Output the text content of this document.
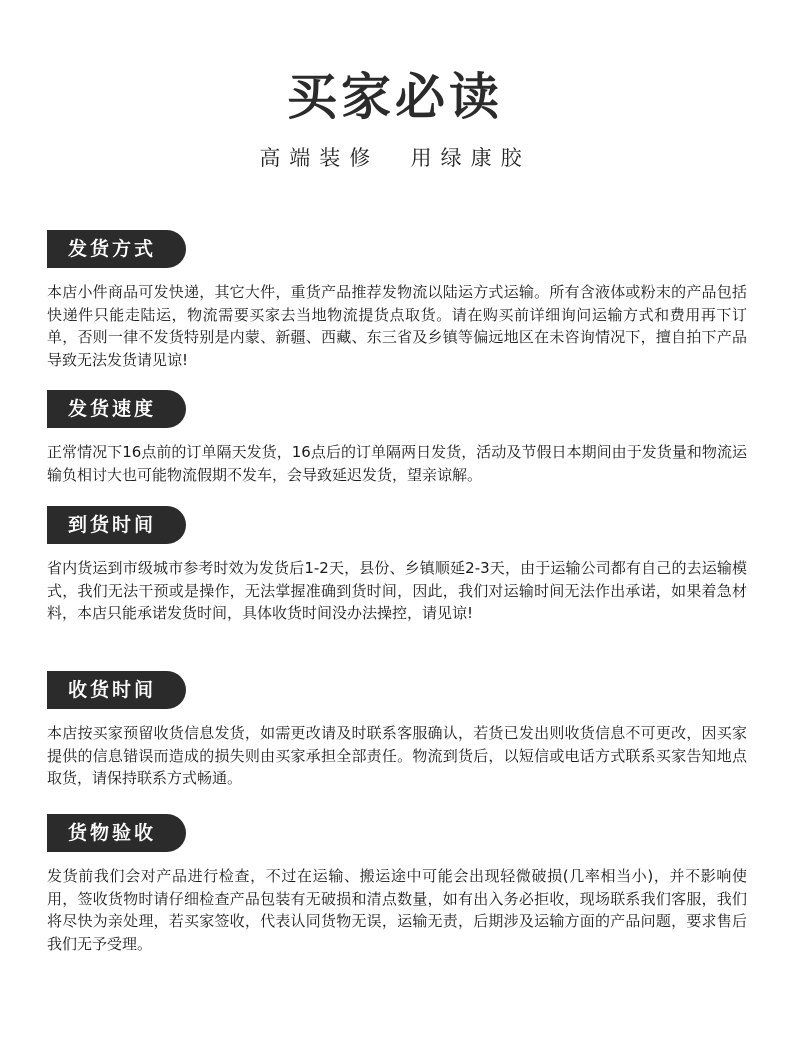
买家必读
高端装修  用绿康胶
发货方式
本店小件商品可发快递，其它大件，重货产品推荐发物流以陆运方式运输。所有含液体或粉末的产品包括快递件只能走陆运，物流需要买家去当地物流提货点取货。请在购买前详细询问运输方式和费用再下订单，否则一律不发货特别是内蒙、新疆、西藏、东三省及乡镇等偏远地区在未咨询情况下，擅自拍下产品导致无法发货请见谅!
发货速度
正常情况下16点前的订单隔天发货，16点后的订单隔两日发货，活动及节假日本期间由于发货量和物流运输负相讨大也可能物流假期不发车，会导致延迟发货，望亲谅解。
到货时间
省内货运到市级城市参考时效为发货后1-2天，县份、乡镇顺延2-3天，由于运输公司都有自己的去运输模式，我们无法干预或是操作，无法掌握准确到货时间，因此，我们对运输时间无法作出承诺，如果着急材料，本店只能承诺发货时间，具体收货时间没办法操控，请见谅!
收货时间
本店按买家预留收货信息发货，如需更改请及时联系客服确认，若货已发出则收货信息不可更改，因买家提供的信息错误而造成的损失则由买家承担全部责任。物流到货后，以短信或电话方式联系买家告知地点取货，请保持联系方式畅通。
货物验收
发货前我们会对产品进行检查，不过在运输、搬运途中可能会出现轻微破损(几率相当小)，并不影响使用，签收货物时请仔细检查产品包装有无破损和清点数量，如有出入务必拒收，现场联系我们客服，我们将尽快为亲处理，若买家签收，代表认同货物无误，运输无责，后期涉及运输方面的产品问题，要求售后我们无予受理。
